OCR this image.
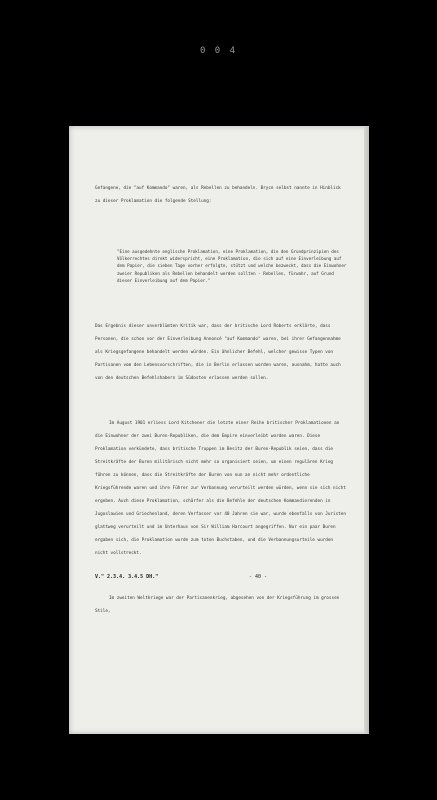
0 0 4

Gefangene, die "auf Kommando" waren, als Rebellen zu behandeln. Bryce selbst nannte in Hinblick zu dieser Proklamation die folgende Stellung:

"Eine ausgedehnte englische Proklamation, eine Proklamation, die den Grundprinzipien des Völkerrechtes direkt widerspricht, eine Proklamation, die sich auf eine Einverleibung auf dem Papier, die sieben Tage vorher erfolgte, stützt und welche bezweckt, dass die Einwohner zweier Republiken als Rebellen behandelt werden sollten - Rebellen, fürwahr, auf Grund dieser Einverleibung auf dem Papier."

Das Ergebnis dieser unverblümten Kritik war, dass der britische Lord Roberts erklärte, dass Personen, die schon vor der Einverleibung Annoncé "auf Kommando" waren, bei ihrer Gefangennahme als Kriegsgefangene behandelt werden würden. Ein ähnlicher Befehl, welcher gewisse Typen von Partisanen vom den Lebensvorschriften, die in Berlin erlassen worden waren, ausnahm, hatte auch von den deutschen Befehlshabern im Südosten erlassen werden sollen.

Im August 1901 erliess Lord Kitchener die letzte einer Reihe britischer Proklamationen an die Einwohner der zwei Buren-Republiken, die dem Empire einverleibt worden waren. Diese Proklamation verkündete, dass britische Truppen im Besitz der Buren-Republik seien, dass die Streitkräfte der Buren militärisch nicht mehr so organisiert seien, um einen regulären Krieg führen zu können, dass die Streitkräfte der Buren von nun an nicht mehr ordentliche Kriegsführende waren und ihre Führer zur Verbannung verurteilt werden würden, wenn sie sich nicht ergeben. Auch diese Proklamation, schärfer als die Befehle der deutschen Kommandierenden in Jugoslawien und Griechenland, deren Verfasser vor 40 Jahren sie war, wurde ebenfalls von Juristen glattweg verurteilt und im Unterhaus von Sir William Harcourt angegriffen. Nur ein paar Buren ergaben sich, die Proklamation wurde zum toten Buchstaben, und die Verbannungsurteile wurden nicht vollstreckt.

Im zweiten Weltkriege war der Partisanenkrieg, abgesehen von der Kriegsführung im grossen Stile,

V." 2.3.4. 3.4.5 DH."	- 40 -
